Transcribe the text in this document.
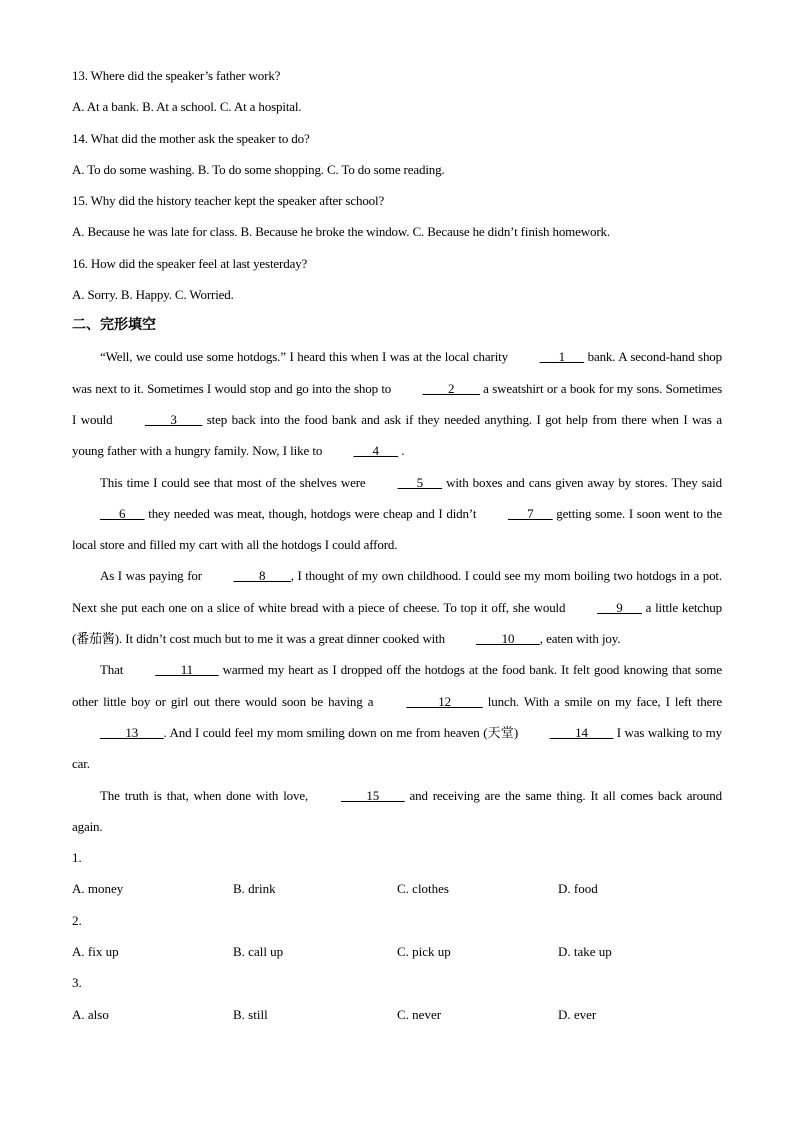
13. Where did the speaker’s father work?
A. At a bank. B. At a school. C. At a hospital.
14. What did the mother ask the speaker to do?
A. To do some washing. B. To do some shopping. C. To do some reading.
15. Why did the history teacher kept the speaker after school?
A. Because he was late for class. B. Because he broke the window. C. Because he didn’t finish homework.
16. How did the speaker feel at last yesterday?
A. Sorry. B. Happy. C. Worried.
二、完形填空
“Well, we could use some hotdogs.” I heard this when I was at the local charity ___1___ bank. A second-hand shop was next to it. Sometimes I would stop and go into the shop to ____2____ a sweatshirt or a book for my sons. Sometimes I would ____3____ step back into the food bank and ask if they needed anything. I got help from there when I was a young father with a hungry family. Now, I like to ___4___ .
This time I could see that most of the shelves were ___5___ with boxes and cans given away by stores. They said ___6___ they needed was meat, though, hotdogs were cheap and I didn’t ___7___ getting some. I soon went to the local store and filled my cart with all the hotdogs I could afford.
As I was paying for ____8____, I thought of my own childhood. I could see my mom boiling two hotdogs in a pot. Next she put each one on a slice of white bread with a piece of cheese. To top it off, she would ___9___ a little ketchup (番茄酱). It didn’t cost much but to me it was a great dinner cooked with ____10____, eaten with joy.
That ____11____ warmed my heart as I dropped off the hotdogs at the food bank. It felt good knowing that some other little boy or girl out there would soon be having a _____12_____ lunch. With a smile on my face, I left there ____13____. And I could feel my mom smiling down on me from heaven (天堂) ____14____ I was walking to my car.
The truth is that, when done with love, ____15____ and receiving are the same thing. It all comes back around again.
1.
A. money	B. drink	C. clothes	D. food
2.
A. fix up	B. call up	C. pick up	D. take up
3.
A. also	B. still	C. never	D. ever
